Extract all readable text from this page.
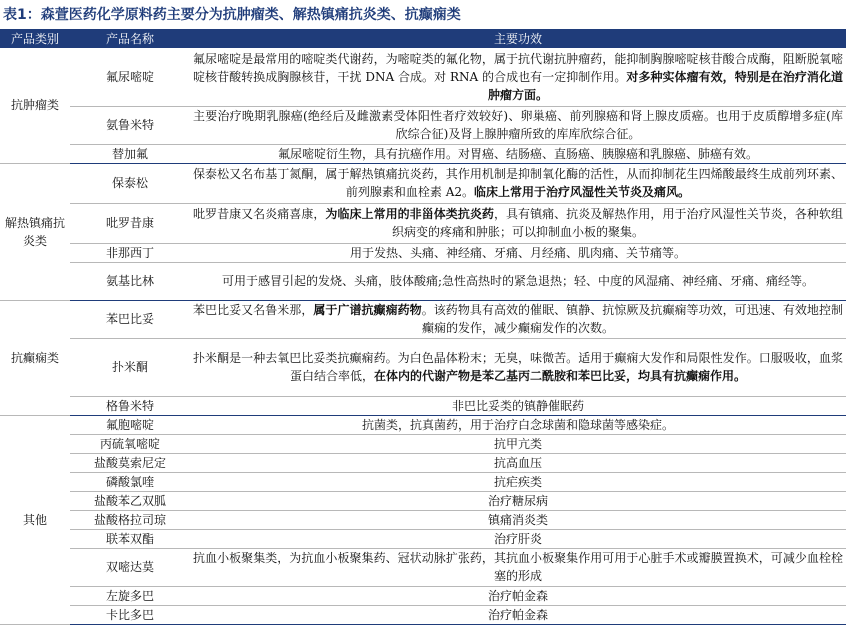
表1：森萱医药化学原料药主要分为抗肿瘤类、解热镇痛抗炎类、抗癫痫类
产品类别	产品名称	主要功效
抗肿瘤类	氟尿嘧啶	氟尿嘧啶是最常用的嘧啶类代谢药，为嘧啶类的氟化物，属于抗代谢抗肿瘤药，能抑制胸腺嘧啶核苷酸合成酶，阻断脱氧嘧啶核苷酸转换成胸腺核苷，干扰 DNA 合成。对 RNA 的合成也有一定抑制作用。对多种实体瘤有效，特别是在治疗消化道肿瘤方面。
	氨鲁米特	主要治疗晚期乳腺癌(绝经后及雌激素受体阳性者疗效较好)、卵巢癌、前列腺癌和肾上腺皮质癌。也用于皮质醇增多症(库欣综合征)及肾上腺肿瘤所致的库库欣综合征。
	替加氟	氟尿嘧啶衍生物，具有抗癌作用。对胃癌、结肠癌、直肠癌、胰腺癌和乳腺癌、肺癌有效。
解热镇痛抗炎类	保泰松	保泰松又名布基丁氮酮，属于解热镇痛抗炎药，其作用机制是抑制氧化酶的活性，从而抑制花生四烯酸最终生成前列环素、前列腺素和血栓素 A2。临床上常用于治疗风湿性关节炎及痛风。
	吡罗昔康	吡罗昔康又名炎痛喜康，为临床上常用的非甾体类抗炎药，具有镇痛、抗炎及解热作用，用于治疗风湿性关节炎，各种软组织病变的疼痛和肿胀；可以抑制血小板的聚集。
	非那西丁	用于发热、头痛、神经痛、牙痛、月经痛、肌肉痛、关节痛等。
	氨基比林	可用于感冒引起的发烧、头痛，肢体酸痛;急性高热时的紧急退热；轻、中度的风湿痛、神经痛、牙痛、痛经等。
抗癫痫类	苯巴比妥	苯巴比妥又名鲁米那，属于广谱抗癫痫药物。该药物具有高效的催眠、镇静、抗惊厥及抗癫痫等功效，可迅速、有效地控制癫痫的发作，减少癫痫发作的次数。
	扑米酮	扑米酮是一种去氧巴比妥类抗癫痫药。为白色晶体粉末；无臭，味微苦。适用于癫痫大发作和局限性发作。口服吸收，血浆蛋白结合率低，在体内的代谢产物是苯乙基丙二酰胺和苯巴比妥，均具有抗癫痫作用。
	格鲁米特	非巴比妥类的镇静催眠药
其他	氟胞嘧啶	抗菌类，抗真菌药，用于治疗白念球菌和隐球菌等感染症。
	丙硫氧嘧啶	抗甲亢类
	盐酸莫索尼定	抗高血压
	磷酸氯喹	抗疟疾类
	盐酸苯乙双胍	治疗糖尿病
	盐酸格拉司琼	镇痛消炎类
	联苯双酯	治疗肝炎
	双嘧达莫	抗血小板聚集类，为抗血小板聚集药、冠状动脉扩张药，其抗血小板聚集作用可用于心脏手术或瓣膜置换术，可减少血栓栓塞的形成
	左旋多巴	治疗帕金森
	卡比多巴	治疗帕金森
